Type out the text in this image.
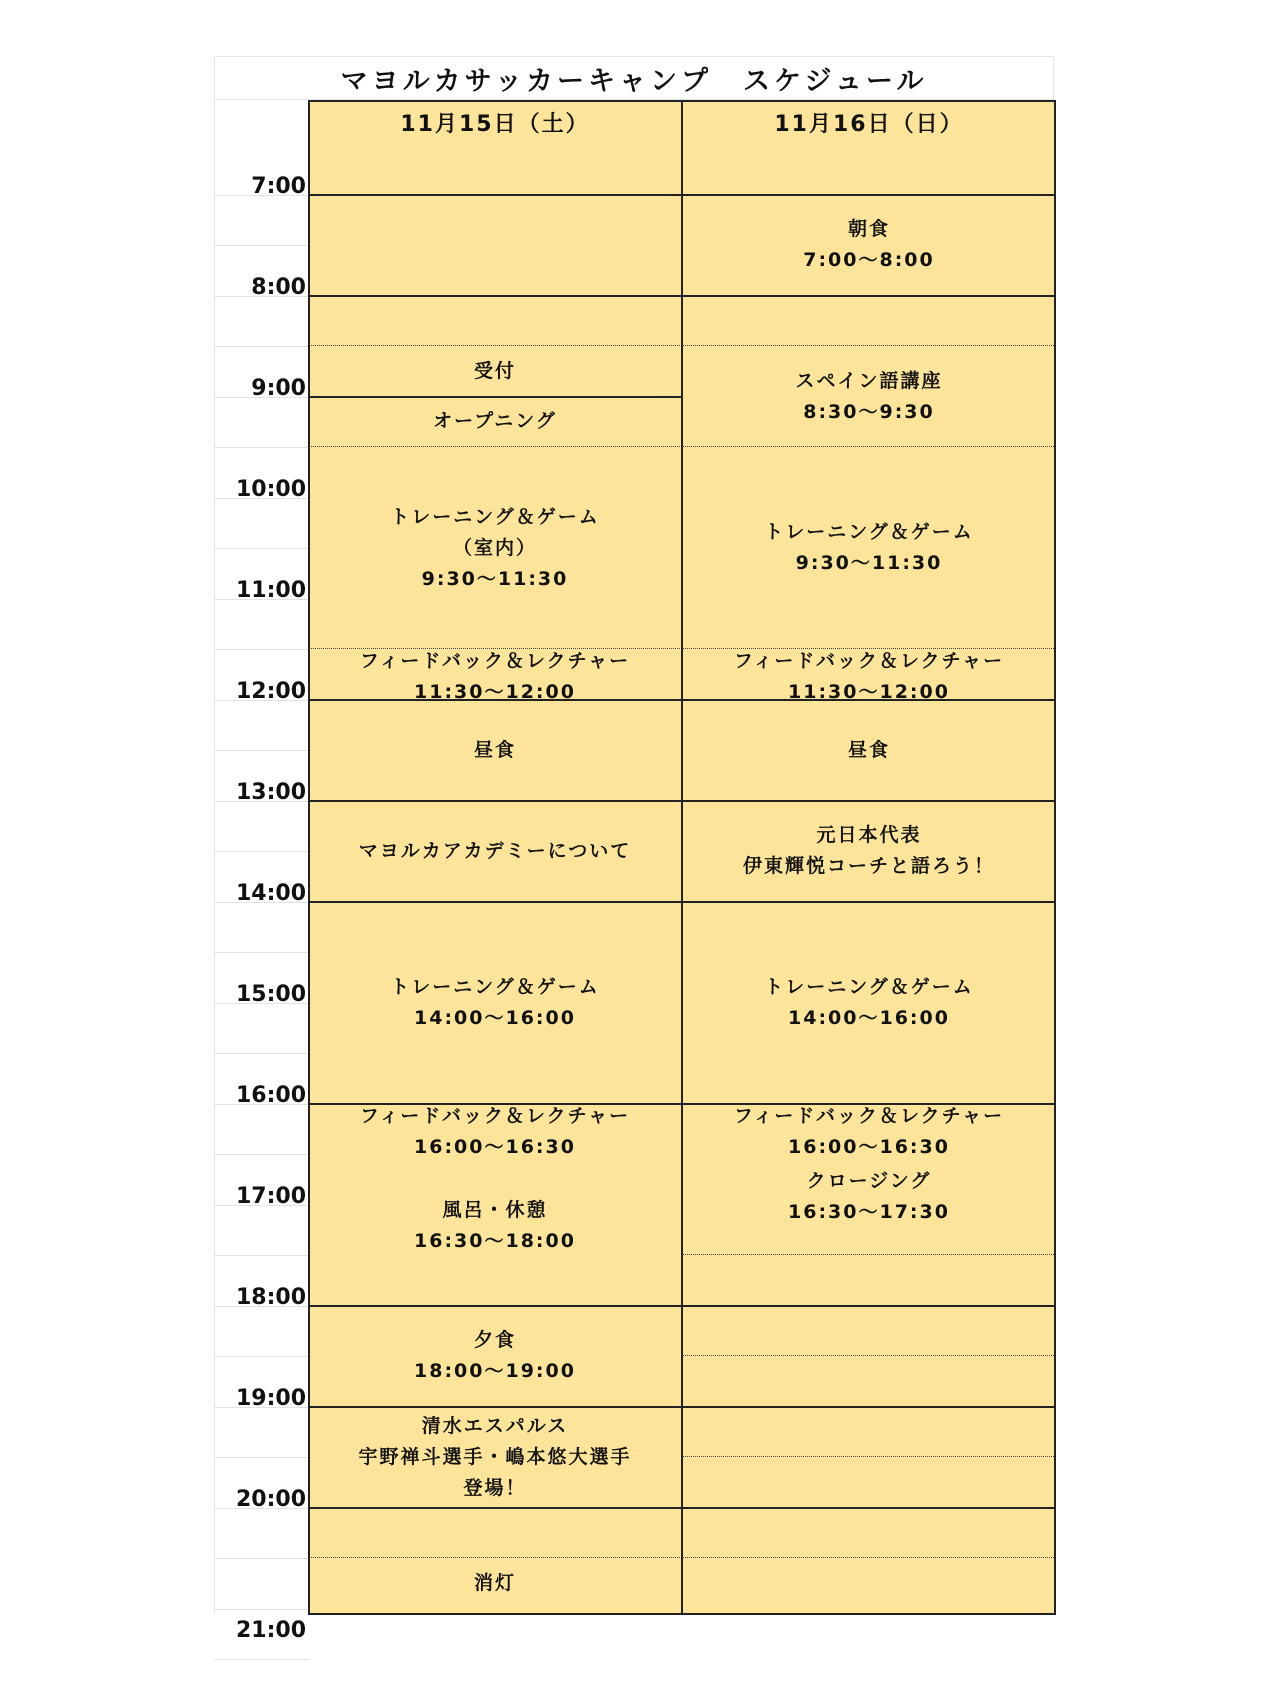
マヨルカサッカーキャンプ　スケジュール
11月15日（土）	11月16日（日）
7:00
8:00
9:00
10:00
11:00
12:00
13:00
14:00
15:00
16:00
17:00
18:00
19:00
20:00
21:00
受付
オープニング
トレーニング＆ゲーム
（室内）
9:30〜11:30
フィードバック＆レクチャー
11:30〜12:00
昼食
マヨルカアカデミーについて
トレーニング＆ゲーム
14:00〜16:00
フィードバック＆レクチャー
16:00〜16:30
風呂・休憩
16:30〜18:00
夕食
18:00〜19:00
清水エスパルス
宇野禅斗選手・嶋本悠大選手
登場！
消灯
朝食
7:00〜8:00
スペイン語講座
8:30〜9:30
トレーニング＆ゲーム
9:30〜11:30
フィードバック＆レクチャー
11:30〜12:00
昼食
元日本代表
伊東輝悦コーチと語ろう！
トレーニング＆ゲーム
14:00〜16:00
フィードバック＆レクチャー
16:00〜16:30
クロージング
16:30〜17:30
